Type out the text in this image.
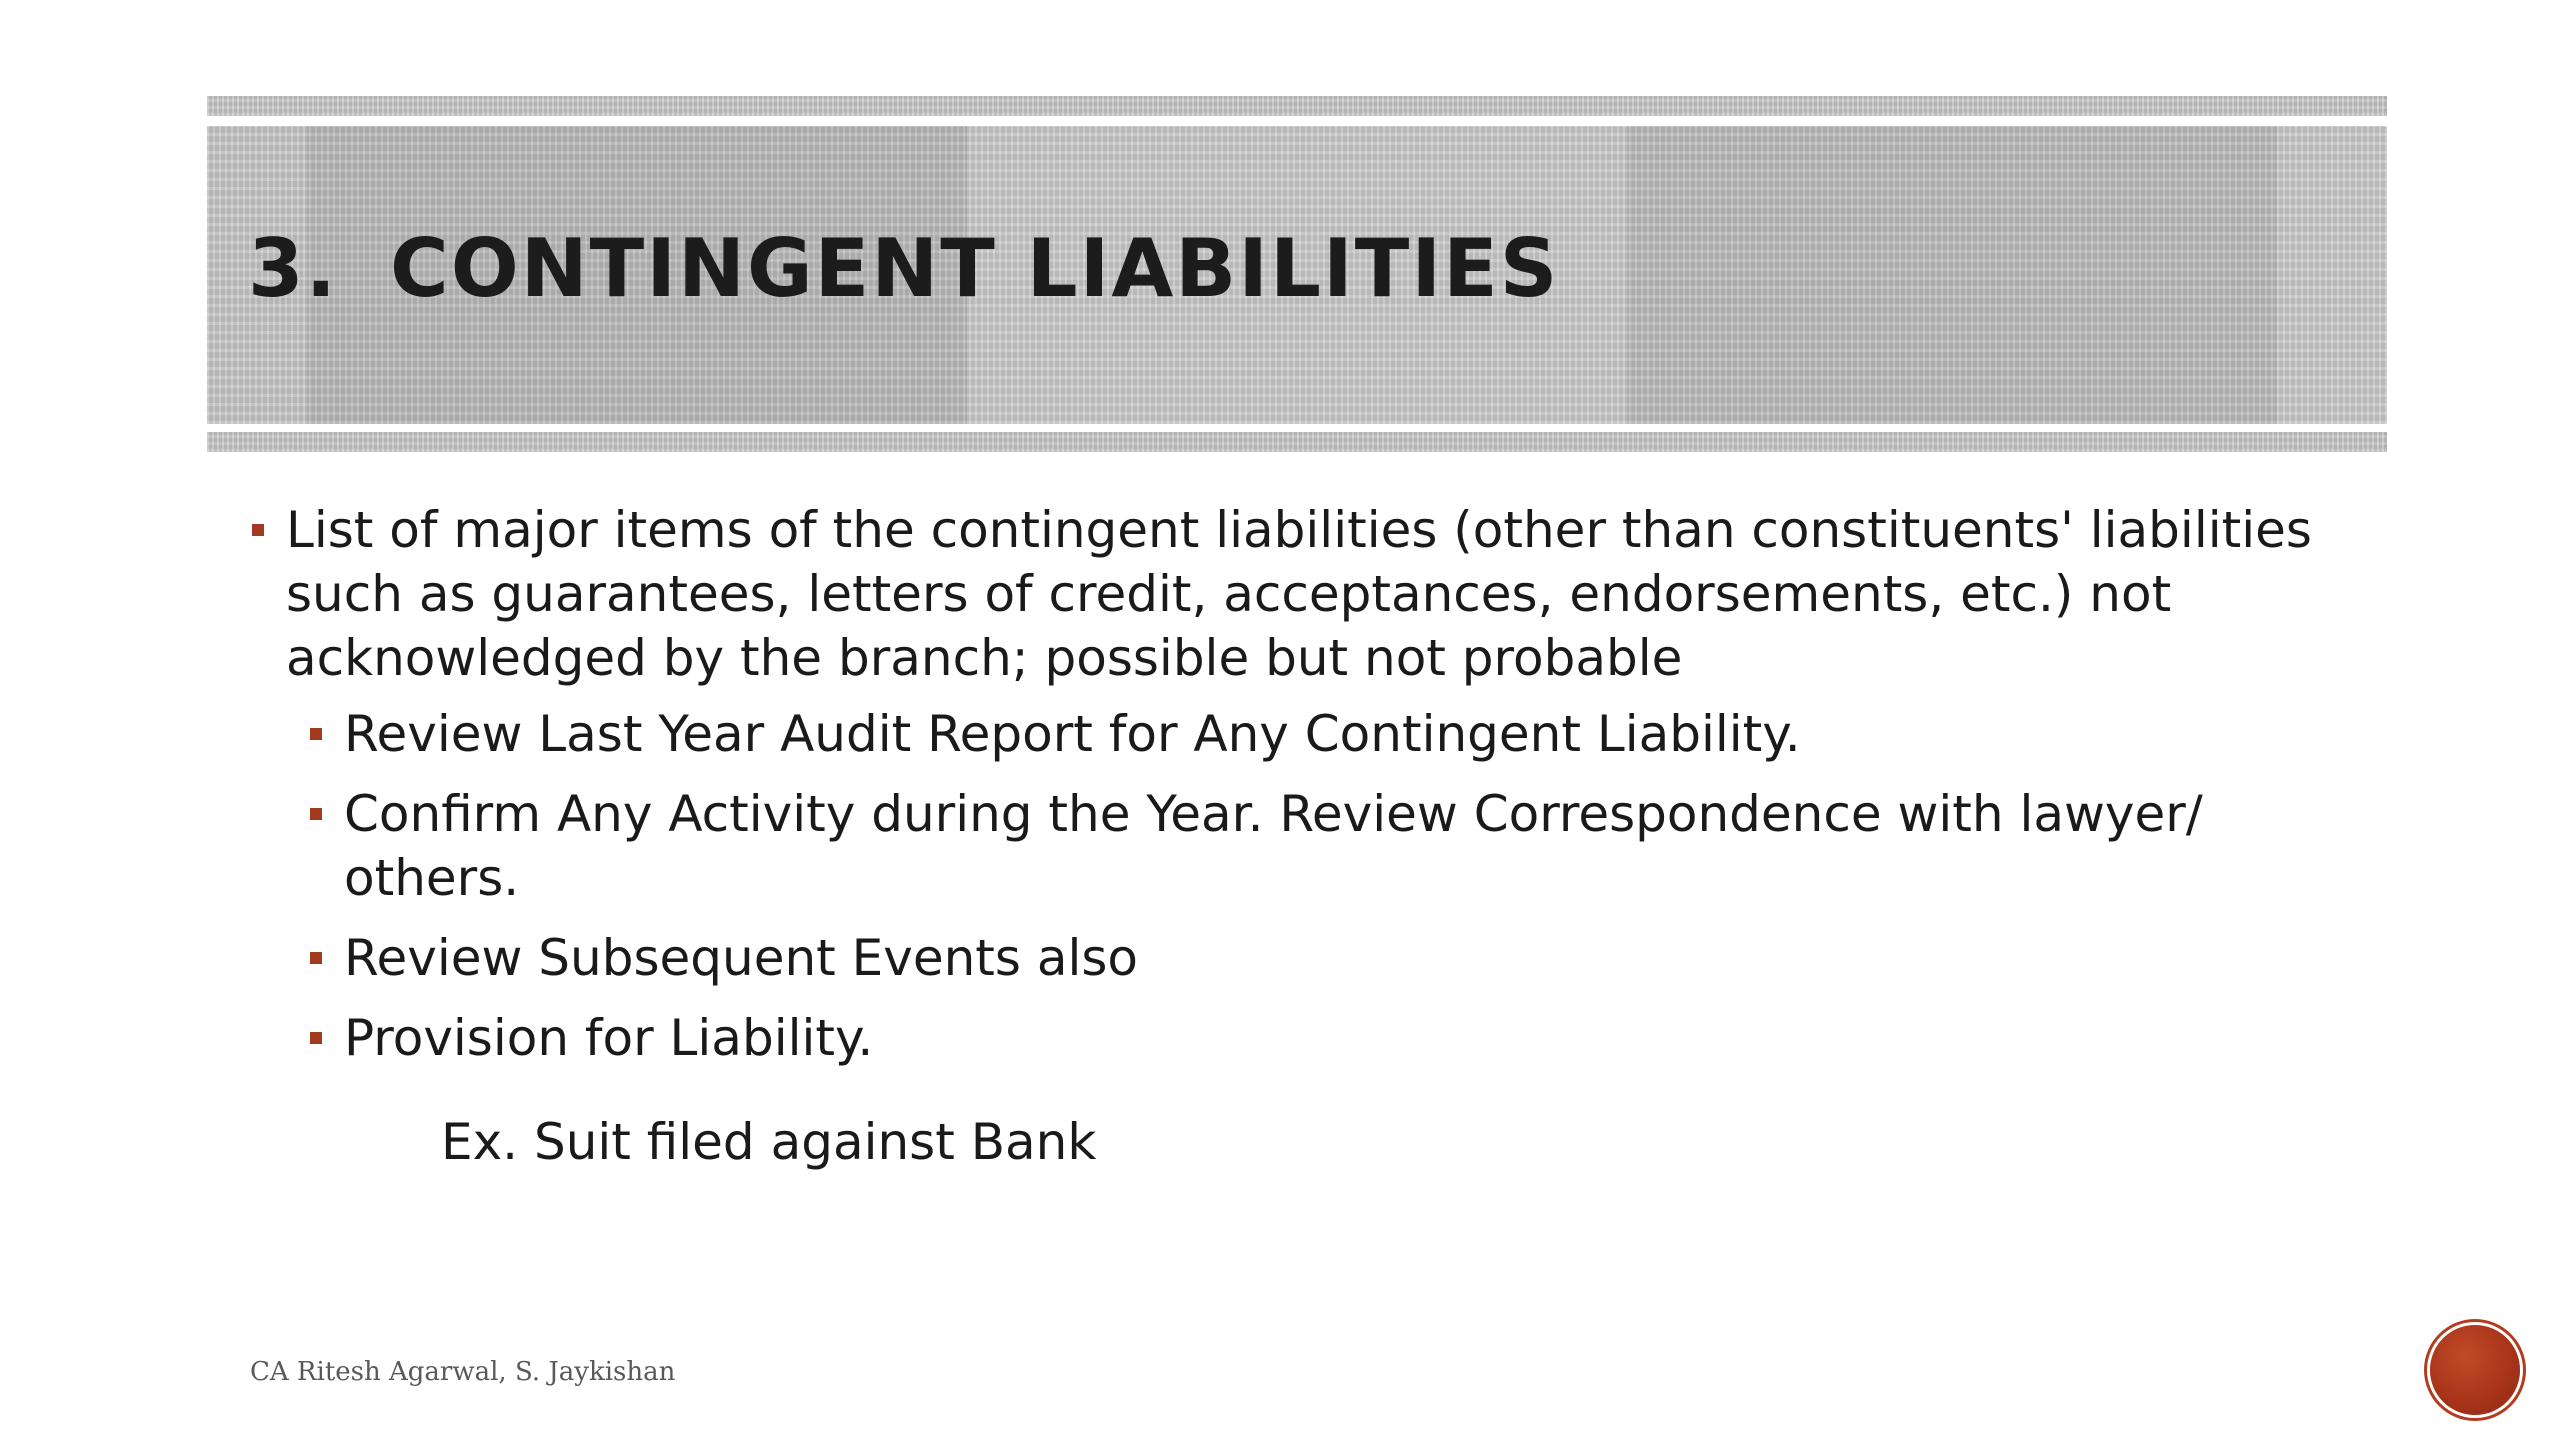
3. CONTINGENT LIABILITIES
List of major items of the contingent liabilities (other than constituents' liabilities such as guarantees, letters of credit, acceptances, endorsements, etc.) not acknowledged by the branch; possible but not probable
Review Last Year Audit Report for Any Contingent Liability.
Confirm Any Activity during the Year. Review Correspondence with lawyer/ others.
Review Subsequent Events also
Provision for Liability.
Ex. Suit filed against Bank
CA Ritesh Agarwal, S. Jaykishan
